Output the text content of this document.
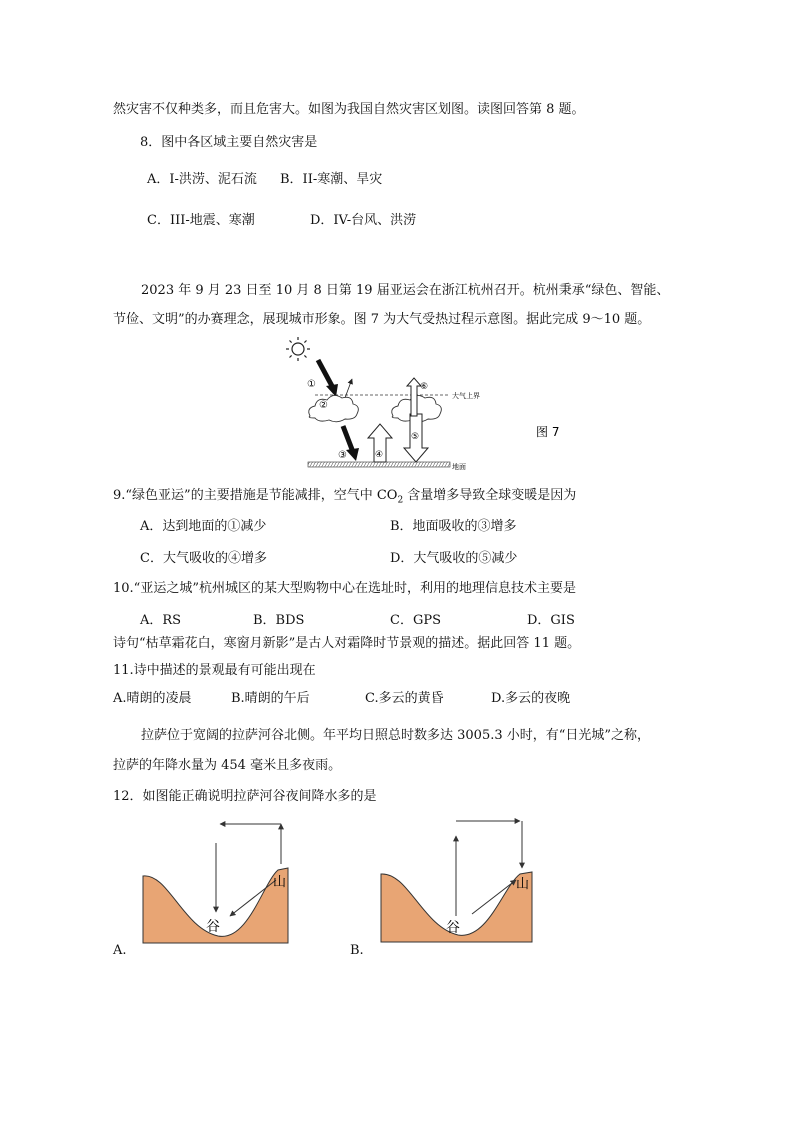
然灾害不仅种类多，而且危害大。如图为我国自然灾害区划图。读图回答第 8 题。
8．图中各区域主要自然灾害是
A．I-洪涝、泥石流 B．II-寒潮、旱灾
C．III-地震、寒潮	D．IV-台风、洪涝
2023 年 9 月 23 日至 10 月 8 日第 19 届亚运会在浙江杭州召开。杭州秉承“绿色、智能、
节俭、文明”的办赛理念，展现城市形象。图 7 为大气受热过程示意图。据此完成 9～10 题。
大气上界
①
②
③	④
⑤
⑥
地面
图 7
9.“绿色亚运”的主要措施是节能减排，空气中 $CO_2$ 含量增多导致全球变暖是因为
A．达到地面的①减少	B．地面吸收的③增多
C．大气吸收的④增多	D．大气吸收的⑤减少
10.“亚运之城”杭州城区的某大型购物中心在选址时，利用的地理信息技术主要是
A．RS	B．BDS	C．GPS	D．GIS
诗句“枯草霜花白，寒窗月新影”是古人对霜降时节景观的描述。据此回答 11 题。
11.诗中描述的景观最有可能出现在
A.晴朗的凌晨	B.晴朗的午后	C.多云的黄昏	D.多云的夜晚
拉萨位于宽阔的拉萨河谷北侧。年平均日照总时数多达 3005.3 小时，有“日光城”之称，
拉萨的年降水量为 454 毫米且多夜雨。
12．如图能正确说明拉萨河谷夜间降水多的是
谷
山
A.
谷
山
B.
